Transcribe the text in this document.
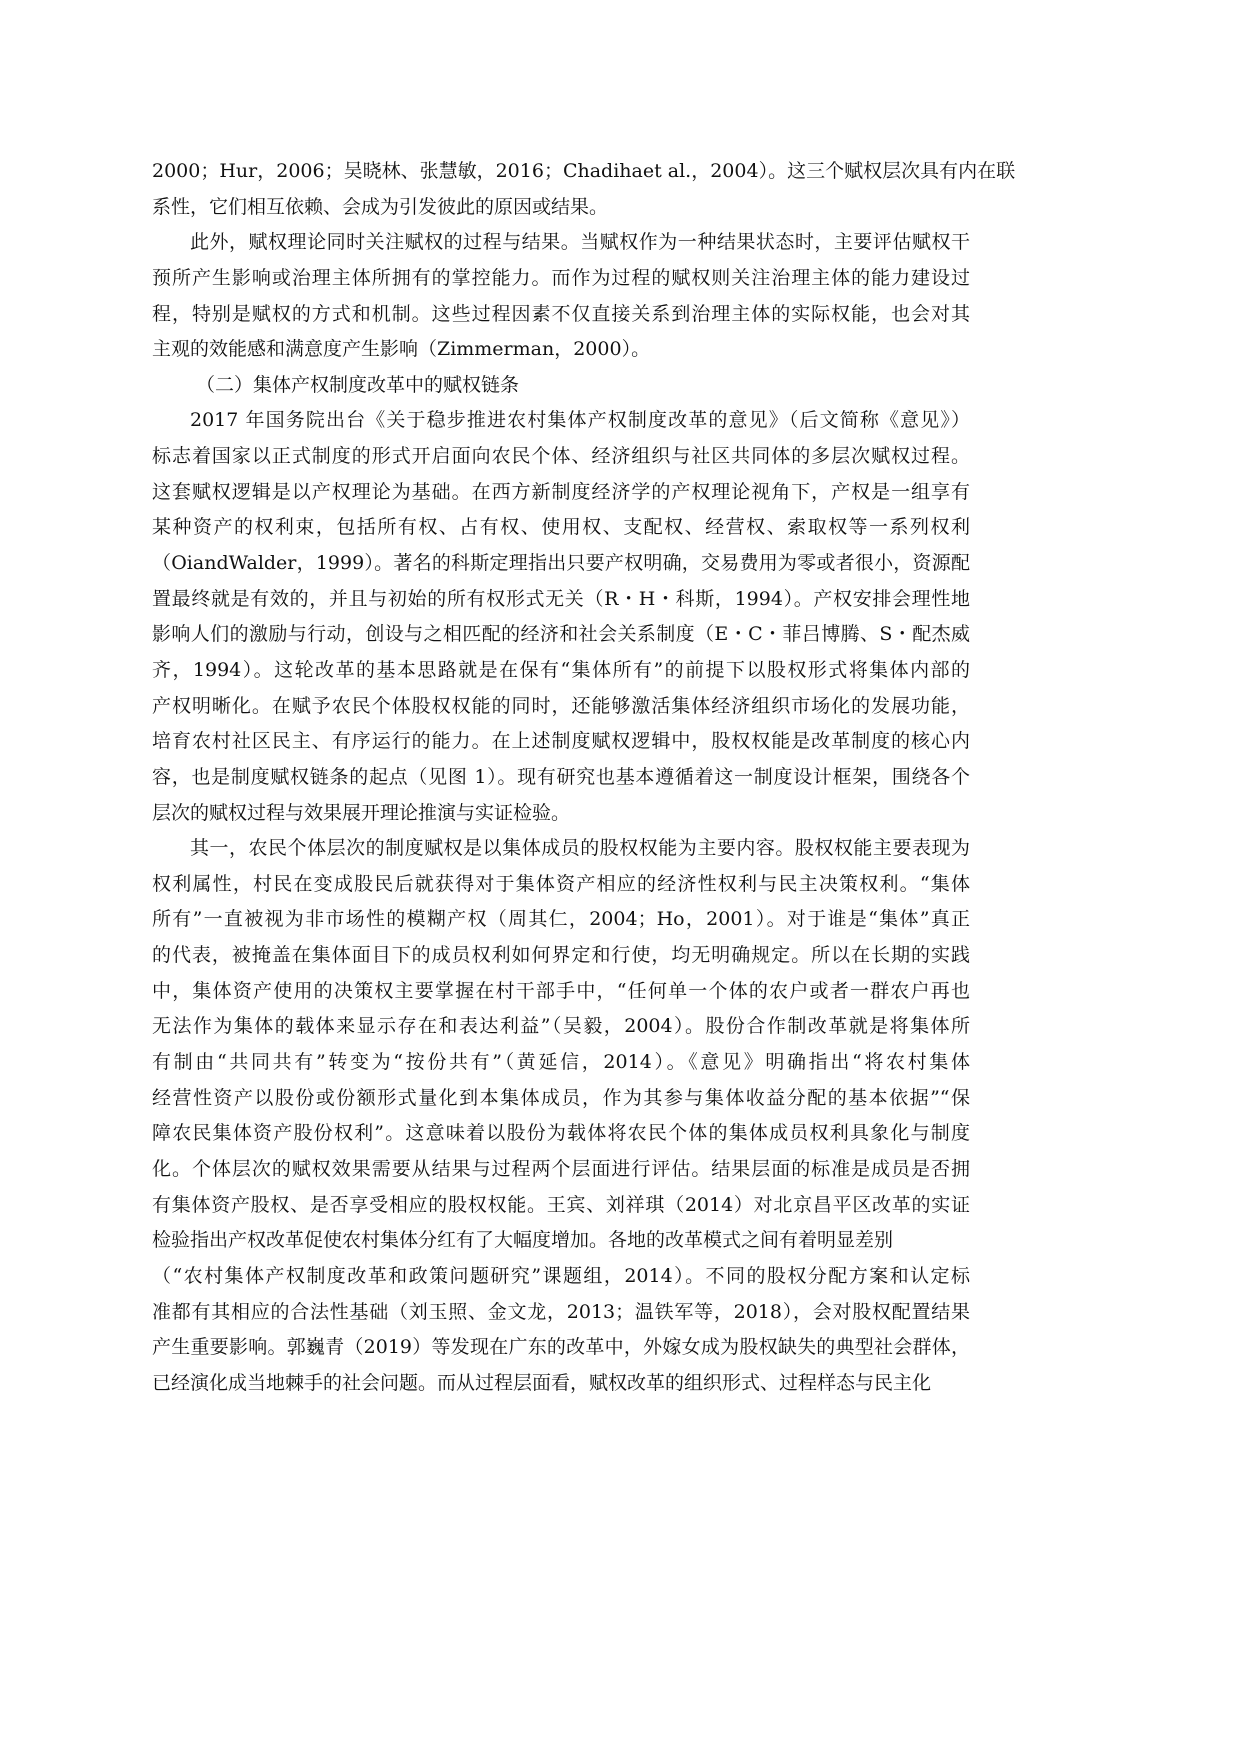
2000；Hur，2006；吴晓林、张慧敏，2016；Chadihaet al.，2004）。这三个赋权层次具有内在联
系性，它们相互依赖、会成为引发彼此的原因或结果。
此外，赋权理论同时关注赋权的过程与结果。当赋权作为一种结果状态时，主要评估赋权干
预所产生影响或治理主体所拥有的掌控能力。而作为过程的赋权则关注治理主体的能力建设过
程，特别是赋权的方式和机制。这些过程因素不仅直接关系到治理主体的实际权能，也会对其
主观的效能感和满意度产生影响（Zimmerman，2000）。
（二）集体产权制度改革中的赋权链条
2017 年国务院出台《关于稳步推进农村集体产权制度改革的意见》（后文简称《意见》）
标志着国家以正式制度的形式开启面向农民个体、经济组织与社区共同体的多层次赋权过程。
这套赋权逻辑是以产权理论为基础。在西方新制度经济学的产权理论视角下，产权是一组享有
某种资产的权利束，包括所有权、占有权、使用权、支配权、经营权、索取权等一系列权利
（OiandWalder，1999）。著名的科斯定理指出只要产权明确，交易费用为零或者很小，资源配
置最终就是有效的，并且与初始的所有权形式无关（R・H・科斯，1994）。产权安排会理性地
影响人们的激励与行动，创设与之相匹配的经济和社会关系制度（E・C・菲吕博腾、S・配杰威
齐，1994）。这轮改革的基本思路就是在保有“集体所有”的前提下以股权形式将集体内部的
产权明晰化。在赋予农民个体股权权能的同时，还能够激活集体经济组织市场化的发展功能，
培育农村社区民主、有序运行的能力。在上述制度赋权逻辑中，股权权能是改革制度的核心内
容，也是制度赋权链条的起点（见图 1）。现有研究也基本遵循着这一制度设计框架，围绕各个
层次的赋权过程与效果展开理论推演与实证检验。
其一，农民个体层次的制度赋权是以集体成员的股权权能为主要内容。股权权能主要表现为
权利属性，村民在变成股民后就获得对于集体资产相应的经济性权利与民主决策权利。“集体
所有”一直被视为非市场性的模糊产权（周其仁，2004；Ho，2001）。对于谁是“集体”真正
的代表，被掩盖在集体面目下的成员权利如何界定和行使，均无明确规定。所以在长期的实践
中，集体资产使用的决策权主要掌握在村干部手中，“任何单一个体的农户或者一群农户再也
无法作为集体的载体来显示存在和表达利益”（吴毅，2004）。股份合作制改革就是将集体所
有制由“共同共有”转变为“按份共有”（黄延信，2014）。《意见》明确指出“将农村集体
经营性资产以股份或份额形式量化到本集体成员，作为其参与集体收益分配的基本依据”“保
障农民集体资产股份权利”。这意味着以股份为载体将农民个体的集体成员权利具象化与制度
化。个体层次的赋权效果需要从结果与过程两个层面进行评估。结果层面的标准是成员是否拥
有集体资产股权、是否享受相应的股权权能。王宾、刘祥琪（2014）对北京昌平区改革的实证
检验指出产权改革促使农村集体分红有了大幅度增加。各地的改革模式之间有着明显差别
（“农村集体产权制度改革和政策问题研究”课题组，2014）。不同的股权分配方案和认定标
准都有其相应的合法性基础（刘玉照、金文龙，2013；温铁军等，2018），会对股权配置结果
产生重要影响。郭巍青（2019）等发现在广东的改革中，外嫁女成为股权缺失的典型社会群体，
已经演化成当地棘手的社会问题。而从过程层面看，赋权改革的组织形式、过程样态与民主化
